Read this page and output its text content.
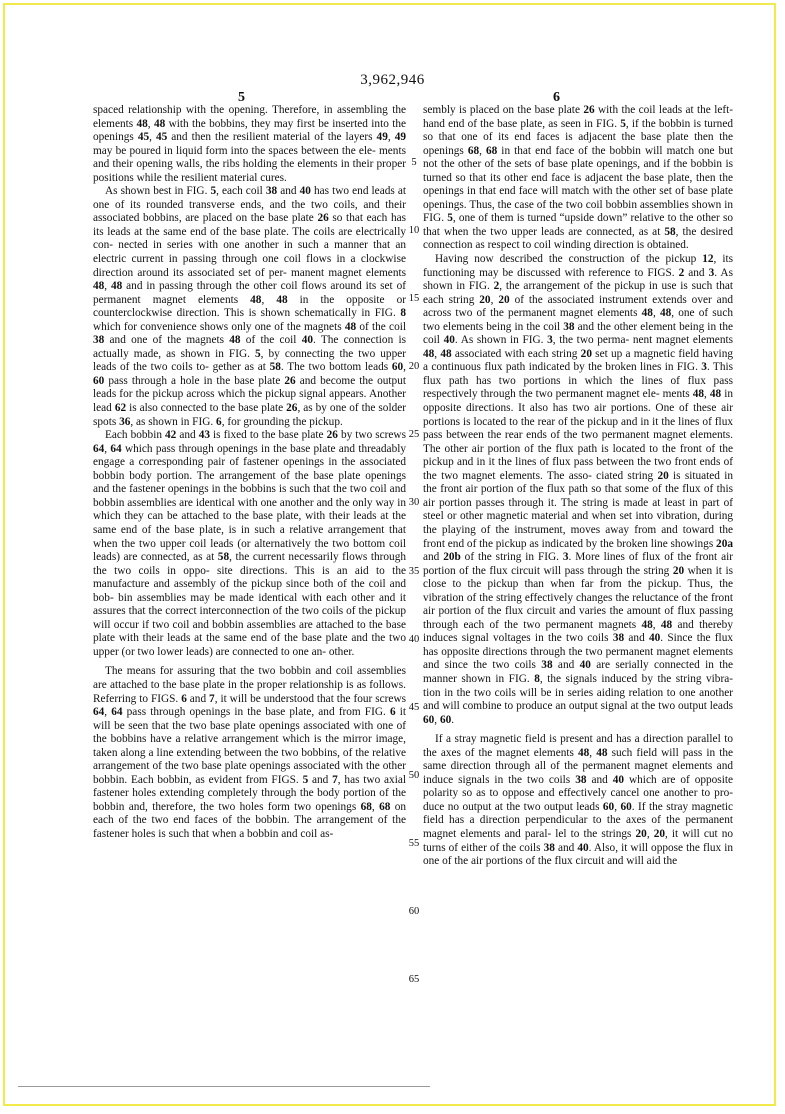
3,962,946
5	6

spaced relationship with the opening. Therefore, in assembling the elements 48, 48 with the bobbins, they may first be inserted into the openings 45, 45 and then the resilient material of the layers 49, 49 may be poured in liquid form into the spaces between the ele- ments and their opening walls, the ribs holding the elements in their proper positions while the resilient material cures.

As shown best in FIG. 5, each coil 38 and 40 has two end leads at one of its rounded transverse ends, and the two coils, and their associated bobbins, are placed on the base plate 26 so that each has its leads at the same end of the base plate. The coils are electrically con- nected in series with one another in such a manner that an electric current in passing through one coil flows in a clockwise direction around its associated set of per- manent magnet elements 48, 48 and in passing through the other coil flows around its set of permanent magnet elements 48, 48 in the opposite or counterclockwise direction. This is shown schematically in FIG. 8 which for convenience shows only one of the magnets 48 of the coil 38 and one of the magnets 48 of the coil 40. The connection is actually made, as shown in FIG. 5, by connecting the two upper leads of the two coils to- gether as at 58. The two bottom leads 60, 60 pass through a hole in the base plate 26 and become the output leads for the pickup across which the pickup signal appears. Another lead 62 is also connected to the base plate 26, as by one of the solder spots 36, as shown in FIG. 6, for grounding the pickup.

Each bobbin 42 and 43 is fixed to the base plate 26 by two screws 64, 64 which pass through openings in the base plate and threadably engage a corresponding pair of fastener openings in the associated bobbin body portion. The arrangement of the base plate openings and the fastener openings in the bobbins is such that the two coil and bobbin assemblies are identical with one another and the only way in which they can be attached to the base plate, with their leads at the same end of the base plate, is in such a relative arrangement that when the two upper coil leads (or alternatively the two bottom coil leads) are connected, as at 58, the current necessarily flows through the two coils in oppo- site directions. This is an aid to the manufacture and assembly of the pickup since both of the coil and bob- bin assemblies may be made identical with each other and it assures that the correct interconnection of the two coils of the pickup will occur if two coil and bobbin assemblies are attached to the base plate with their leads at the same end of the base plate and the two upper (or two lower leads) are connected to one an- other.

The means for assuring that the two bobbin and coil assemblies are attached to the base plate in the proper relationship is as follows. Referring to FIGS. 6 and 7, it will be understood that the four screws 64, 64 pass through openings in the base plate, and from FIG. 6 it will be seen that the two base plate openings associated with one of the bobbins have a relative arrangement which is the mirror image, taken along a line extending between the two bobbins, of the relative arrangement of the two base plate openings associated with the other bobbin. Each bobbin, as evident from FIGS. 5 and 7, has two axial fastener holes extending completely through the body portion of the bobbin and, therefore, the two holes form two openings 68, 68 on each of the two end faces of the bobbin. The arrangement of the fastener holes is such that when a bobbin and coil as-

sembly is placed on the base plate 26 with the coil leads at the left-hand end of the base plate, as seen in FIG. 5, if the bobbin is turned so that one of its end faces is adjacent the base plate then the openings 68, 68 in that end face of the bobbin will match one but not the other of the sets of base plate openings, and if the bobbin is turned so that its other end face is adjacent the base plate, then the openings in that end face will match with the other set of base plate openings. Thus, the case of the two coil bobbin assemblies shown in FIG. 5, one of them is turned “upside down” relative to the other so that when the two upper leads are connected, as at 58, the desired connection as respect to coil winding direction is obtained.

Having now described the construction of the pickup 12, its functioning may be discussed with reference to FIGS. 2 and 3. As shown in FIG. 2, the arrangement of the pickup in use is such that each string 20, 20 of the associated instrument extends over and across two of the permanent magnet elements 48, 48, one of such two elements being in the coil 38 and the other element being in the coil 40. As shown in FIG. 3, the two perma- nent magnet elements 48, 48 associated with each string 20 set up a magnetic field having a continuous flux path indicated by the broken lines in FIG. 3. This flux path has two portions in which the lines of flux pass respectively through the two permanent magnet ele- ments 48, 48 in opposite directions. It also has two air portions. One of these air portions is located to the rear of the pickup and in it the lines of flux pass between the rear ends of the two permanent magnet elements. The other air portion of the flux path is located to the front of the pickup and in it the lines of flux pass between the two front ends of the two magnet elements. The asso- ciated string 20 is situated in the front air portion of the flux path so that some of the flux of this air portion passes through it. The string is made at least in part of steel or other magnetic material and when set into vibration, during the playing of the instrument, moves away from and toward the front end of the pickup as indicated by the broken line showings 20a and 20b of the string in FIG. 3. More lines of flux of the front air portion of the flux circuit will pass through the string 20 when it is close to the pickup than when far from the pickup. Thus, the vibration of the string effectively changes the reluctance of the front air portion of the flux circuit and varies the amount of flux passing through each of the two permanent magnets 48, 48 and thereby induces signal voltages in the two coils 38 and 40. Since the flux has opposite directions through the two permanent magnet elements and since the two coils 38 and 40 are serially connected in the manner shown in FIG. 8, the signals induced by the string vibra- tion in the two coils will be in series aiding relation to one another and will combine to produce an output signal at the two output leads 60, 60.

If a stray magnetic field is present and has a direction parallel to the axes of the magnet elements 48, 48 such field will pass in the same direction through all of the permanent magnet elements and induce signals in the two coils 38 and 40 which are of opposite polarity so as to oppose and effectively cancel one another to pro- duce no output at the two output leads 60, 60. If the stray magnetic field has a direction perpendicular to the axes of the permanent magnet elements and paral- lel to the strings 20, 20, it will cut no turns of either of the coils 38 and 40. Also, it will oppose the flux in one of the air portions of the flux circuit and will aid the

5
10
15
20
25
30
35
40
45
50
55
60
65
